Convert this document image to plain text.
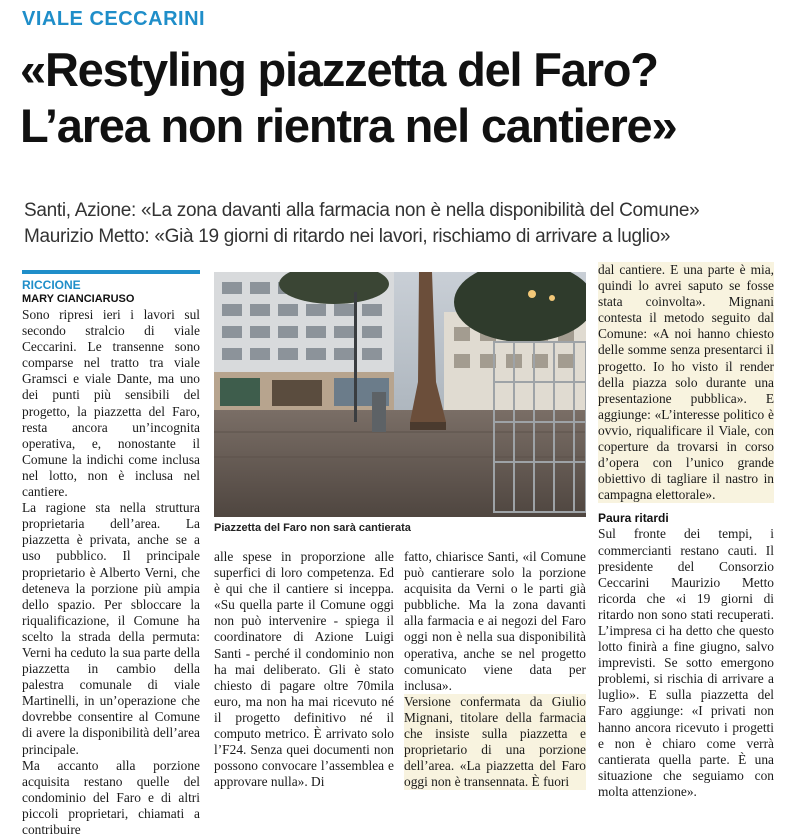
VIALE CECCARINI
«Restyling piazzetta del Faro?
L’area non rientra nel cantiere»
Santi, Azione: «La zona davanti alla farmacia non è nella disponibilità del Comune»
Maurizio Metto: «Già 19 giorni di ritardo nei lavori, rischiamo di arrivare a luglio»
RICCIONE
MARY CIANCIARUSO

Sono ripresi ieri i lavori sul secondo stralcio di viale Ceccarini. Le transenne sono comparse nel tratto tra viale Gramsci e viale Dante, ma uno dei punti più sensibili del progetto, la piazzetta del Faro, resta ancora un’incognita operativa, e, nonostante il Comune la indichi come inclusa nel lotto, non è inclusa nel cantiere.

La ragione sta nella struttura proprietaria dell’area. La piazzetta è privata, anche se a uso pubblico. Il principale proprietario è Alberto Verni, che deteneva la porzione più ampia dello spazio. Per sbloccare la riqualificazione, il Comune ha scelto la strada della permuta: Verni ha ceduto la sua parte della piazzetta in cambio della palestra comunale di viale Martinelli, in un’operazione che dovrebbe consentire al Comune di avere la disponibilità dell’area principale.

Ma accanto alla porzione acquisita restano quelle del condominio del Faro e di altri piccoli proprietari, chiamati a contribuire

Piazzetta del Faro non sarà cantierata

alle spese in proporzione alle superfici di loro competenza. Ed è qui che il cantiere si inceppa. «Su quella parte il Comune oggi non può intervenire - spiega il coordinatore di Azione Luigi Santi - perché il condominio non ha mai deliberato. Gli è stato chiesto di pagare oltre 70mila euro, ma non ha mai ricevuto né il progetto definitivo né il computo metrico. È arrivato solo l’F24. Senza quei documenti non possono convocare l’assemblea e approvare nulla». Di

fatto, chiarisce Santi, «il Comune può cantierare solo la porzione acquisita da Verni o le parti già pubbliche. Ma la zona davanti alla farmacia e ai negozi del Faro oggi non è nella sua disponibilità operativa, anche se nel progetto comunicato viene data per inclusa».

Versione confermata da Giulio Mignani, titolare della farmacia che insiste sulla piazzetta e proprietario di una porzione dell’area. «La piazzetta del Faro oggi non è transennata. È fuori

dal cantiere. E una parte è mia, quindi lo avrei saputo se fosse stata coinvolta». Mignani contesta il metodo seguito dal Comune: «A noi hanno chiesto delle somme senza presentarci il progetto. Io ho visto il render della piazza solo durante una presentazione pubblica». E aggiunge: «L’interesse politico è ovvio, riqualificare il Viale, con coperture da trovarsi in corso d’opera con l’unico grande obiettivo di tagliare il nastro in campagna elettorale».

Paura ritardi

Sul fronte dei tempi, i commercianti restano cauti. Il presidente del Consorzio Ceccarini Maurizio Metto ricorda che «i 19 giorni di ritardo non sono stati recuperati. L’impresa ci ha detto che questo lotto finirà a fine giugno, salvo imprevisti. Se sotto emergono problemi, si rischia di arrivare a luglio». E sulla piazzetta del Faro aggiunge: «I privati non hanno ancora ricevuto i progetti e non è chiaro come verrà cantierata quella parte. È una situazione che seguiamo con molta attenzione».
